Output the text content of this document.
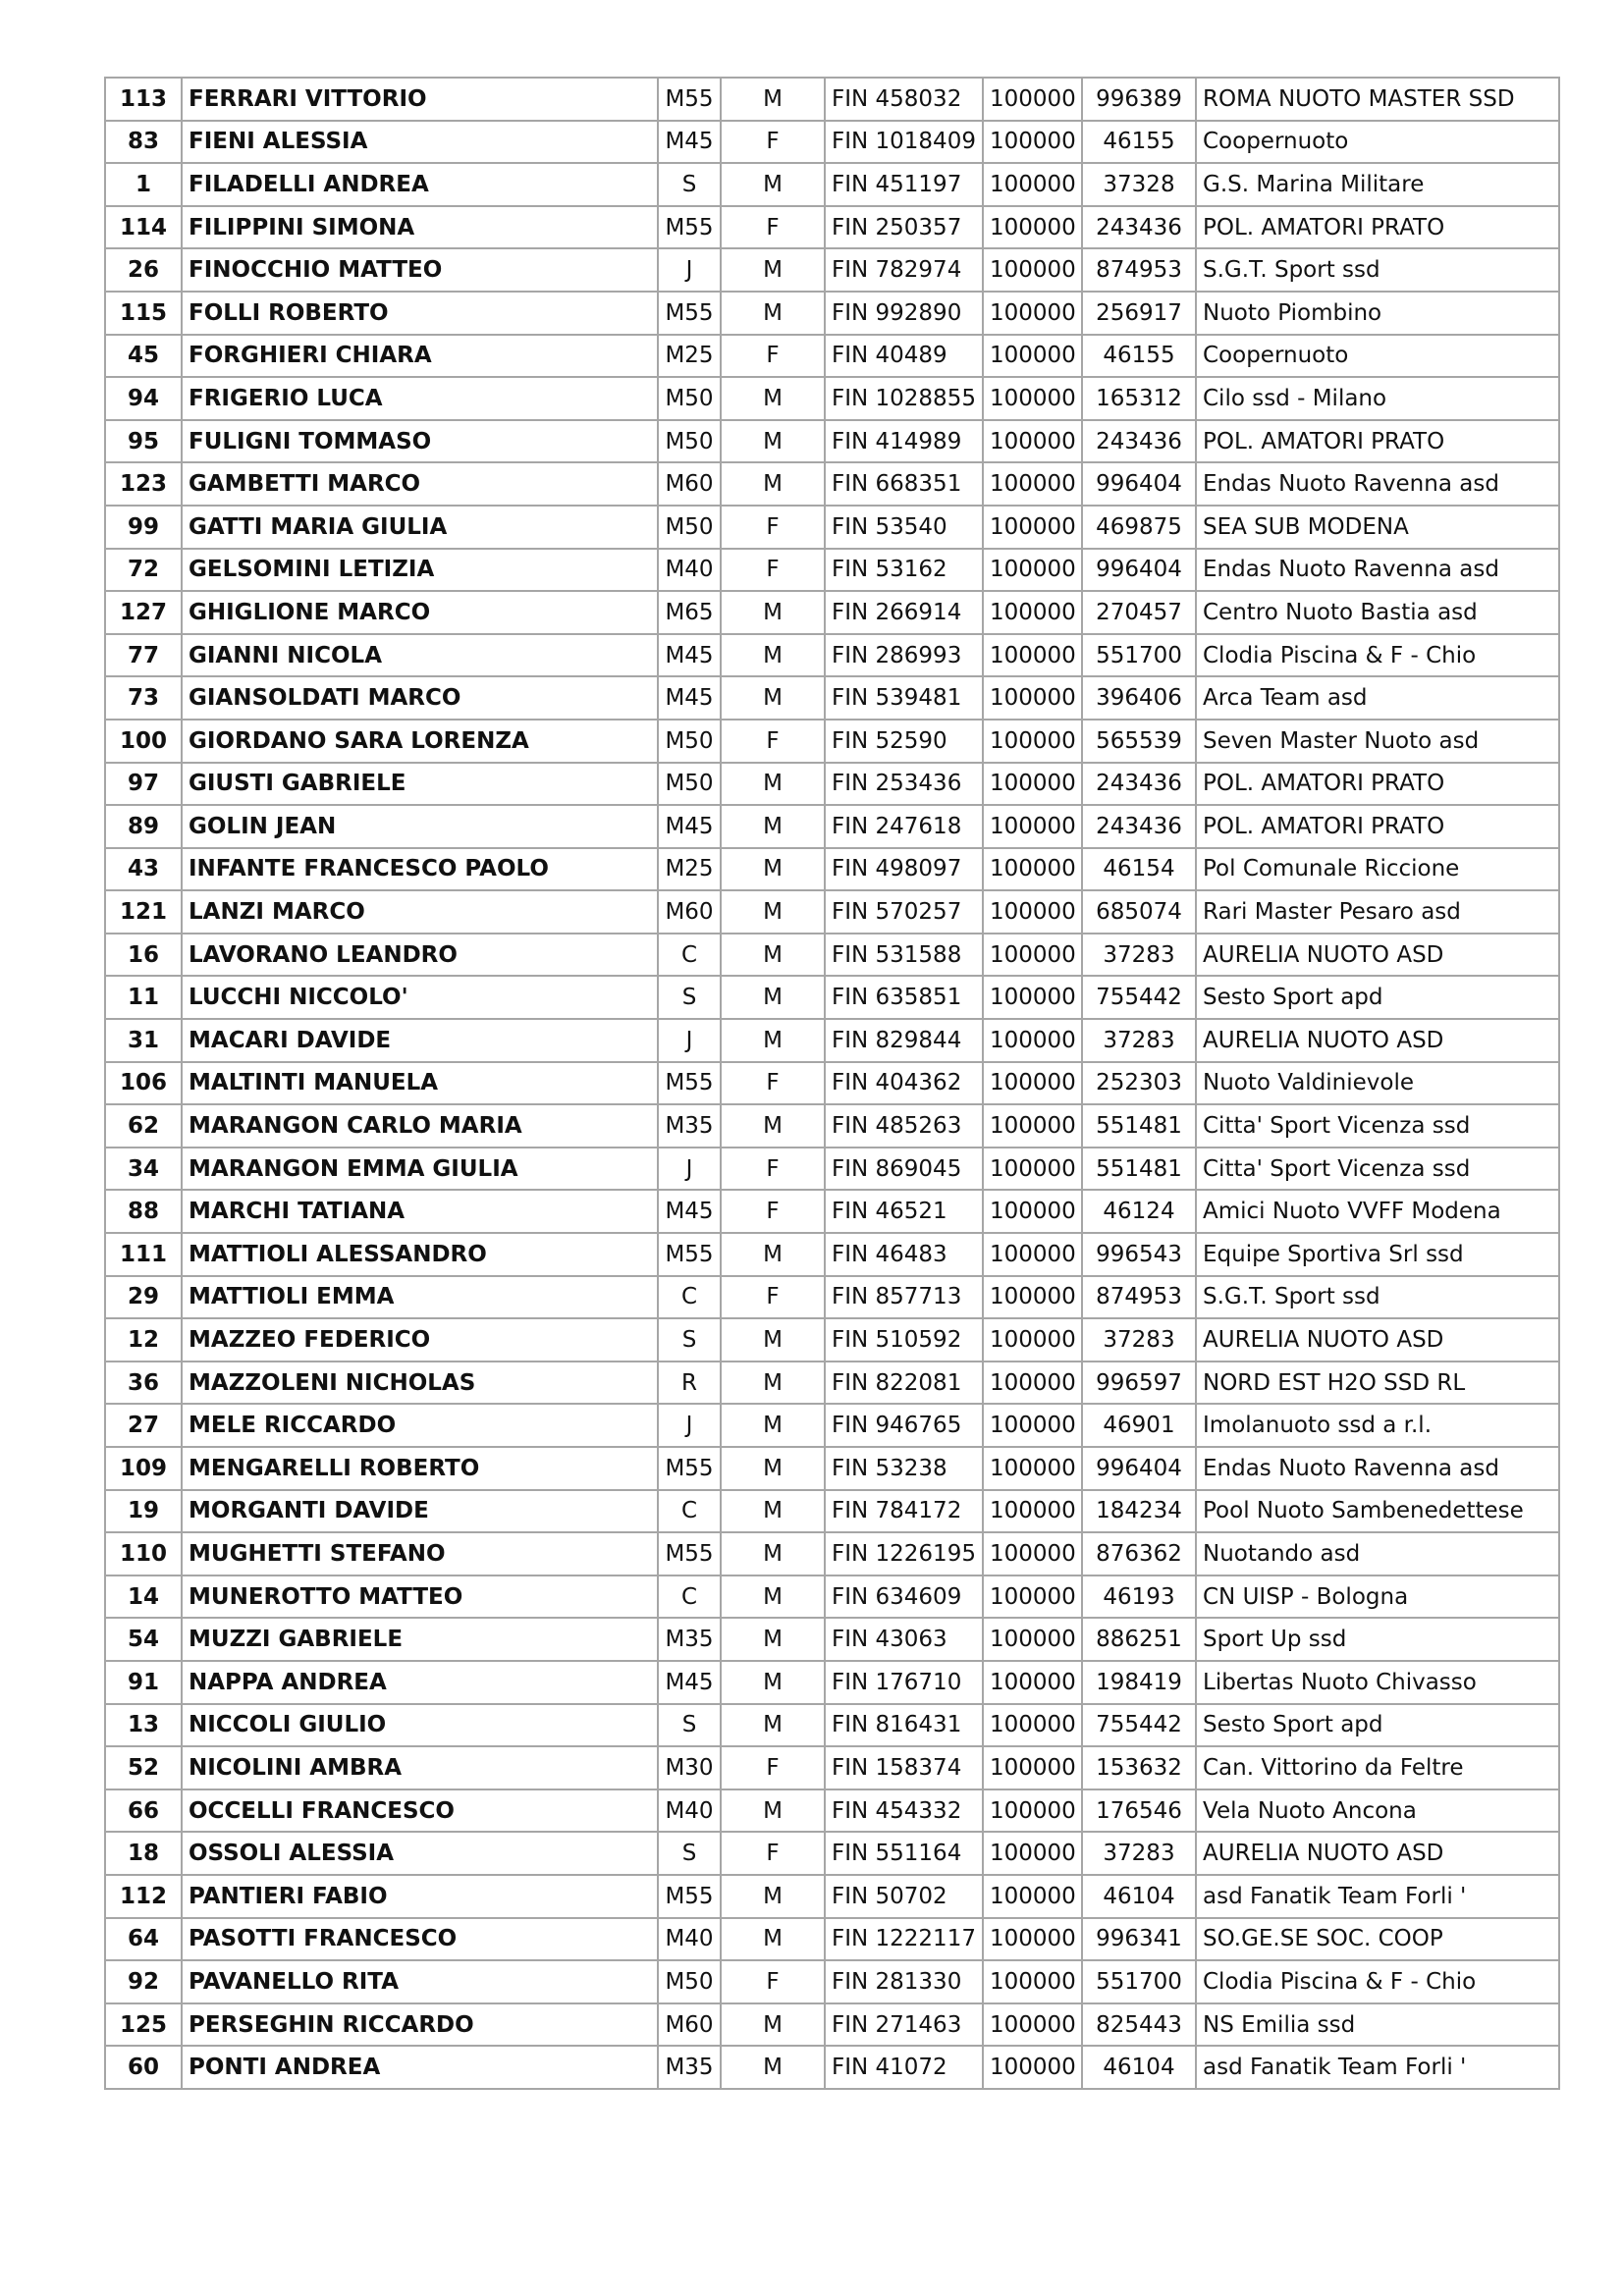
113	FERRARI VITTORIO	M55	M	FIN 458032	100000	996389	ROMA NUOTO MASTER SSD
83	FIENI ALESSIA	M45	F	FIN 1018409	100000	46155	Coopernuoto
1	FILADELLI ANDREA	S	M	FIN 451197	100000	37328	G.S. Marina Militare
114	FILIPPINI SIMONA	M55	F	FIN 250357	100000	243436	POL. AMATORI PRATO
26	FINOCCHIO MATTEO	J	M	FIN 782974	100000	874953	S.G.T. Sport ssd
115	FOLLI ROBERTO	M55	M	FIN 992890	100000	256917	Nuoto Piombino
45	FORGHIERI CHIARA	M25	F	FIN 40489	100000	46155	Coopernuoto
94	FRIGERIO LUCA	M50	M	FIN 1028855	100000	165312	Cilo ssd - Milano
95	FULIGNI TOMMASO	M50	M	FIN 414989	100000	243436	POL. AMATORI PRATO
123	GAMBETTI MARCO	M60	M	FIN 668351	100000	996404	Endas Nuoto Ravenna asd
99	GATTI MARIA GIULIA	M50	F	FIN 53540	100000	469875	SEA SUB MODENA
72	GELSOMINI LETIZIA	M40	F	FIN 53162	100000	996404	Endas Nuoto Ravenna asd
127	GHIGLIONE MARCO	M65	M	FIN 266914	100000	270457	Centro Nuoto Bastia asd
77	GIANNI NICOLA	M45	M	FIN 286993	100000	551700	Clodia Piscina & F - Chio
73	GIANSOLDATI MARCO	M45	M	FIN 539481	100000	396406	Arca Team asd
100	GIORDANO SARA LORENZA	M50	F	FIN 52590	100000	565539	Seven Master Nuoto asd
97	GIUSTI GABRIELE	M50	M	FIN 253436	100000	243436	POL. AMATORI PRATO
89	GOLIN JEAN	M45	M	FIN 247618	100000	243436	POL. AMATORI PRATO
43	INFANTE FRANCESCO PAOLO	M25	M	FIN 498097	100000	46154	Pol Comunale Riccione
121	LANZI MARCO	M60	M	FIN 570257	100000	685074	Rari Master Pesaro asd
16	LAVORANO LEANDRO	C	M	FIN 531588	100000	37283	AURELIA NUOTO ASD
11	LUCCHI NICCOLO'	S	M	FIN 635851	100000	755442	Sesto Sport apd
31	MACARI DAVIDE	J	M	FIN 829844	100000	37283	AURELIA NUOTO ASD
106	MALTINTI MANUELA	M55	F	FIN 404362	100000	252303	Nuoto Valdinievole
62	MARANGON CARLO MARIA	M35	M	FIN 485263	100000	551481	Citta' Sport Vicenza ssd
34	MARANGON EMMA GIULIA	J	F	FIN 869045	100000	551481	Citta' Sport Vicenza ssd
88	MARCHI TATIANA	M45	F	FIN 46521	100000	46124	Amici Nuoto VVFF Modena
111	MATTIOLI ALESSANDRO	M55	M	FIN 46483	100000	996543	Equipe Sportiva Srl ssd
29	MATTIOLI EMMA	C	F	FIN 857713	100000	874953	S.G.T. Sport ssd
12	MAZZEO FEDERICO	S	M	FIN 510592	100000	37283	AURELIA NUOTO ASD
36	MAZZOLENI NICHOLAS	R	M	FIN 822081	100000	996597	NORD EST H2O SSD RL
27	MELE RICCARDO	J	M	FIN 946765	100000	46901	Imolanuoto ssd a r.l.
109	MENGARELLI ROBERTO	M55	M	FIN 53238	100000	996404	Endas Nuoto Ravenna asd
19	MORGANTI DAVIDE	C	M	FIN 784172	100000	184234	Pool Nuoto Sambenedettese
110	MUGHETTI STEFANO	M55	M	FIN 1226195	100000	876362	Nuotando asd
14	MUNEROTTO MATTEO	C	M	FIN 634609	100000	46193	CN UISP - Bologna
54	MUZZI GABRIELE	M35	M	FIN 43063	100000	886251	Sport Up ssd
91	NAPPA ANDREA	M45	M	FIN 176710	100000	198419	Libertas Nuoto Chivasso
13	NICCOLI GIULIO	S	M	FIN 816431	100000	755442	Sesto Sport apd
52	NICOLINI AMBRA	M30	F	FIN 158374	100000	153632	Can. Vittorino da Feltre
66	OCCELLI FRANCESCO	M40	M	FIN 454332	100000	176546	Vela Nuoto Ancona
18	OSSOLI ALESSIA	S	F	FIN 551164	100000	37283	AURELIA NUOTO ASD
112	PANTIERI FABIO	M55	M	FIN 50702	100000	46104	asd Fanatik Team Forli '
64	PASOTTI FRANCESCO	M40	M	FIN 1222117	100000	996341	SO.GE.SE SOC. COOP
92	PAVANELLO RITA	M50	F	FIN 281330	100000	551700	Clodia Piscina & F - Chio
125	PERSEGHIN RICCARDO	M60	M	FIN 271463	100000	825443	NS Emilia ssd
60	PONTI ANDREA	M35	M	FIN 41072	100000	46104	asd Fanatik Team Forli '
